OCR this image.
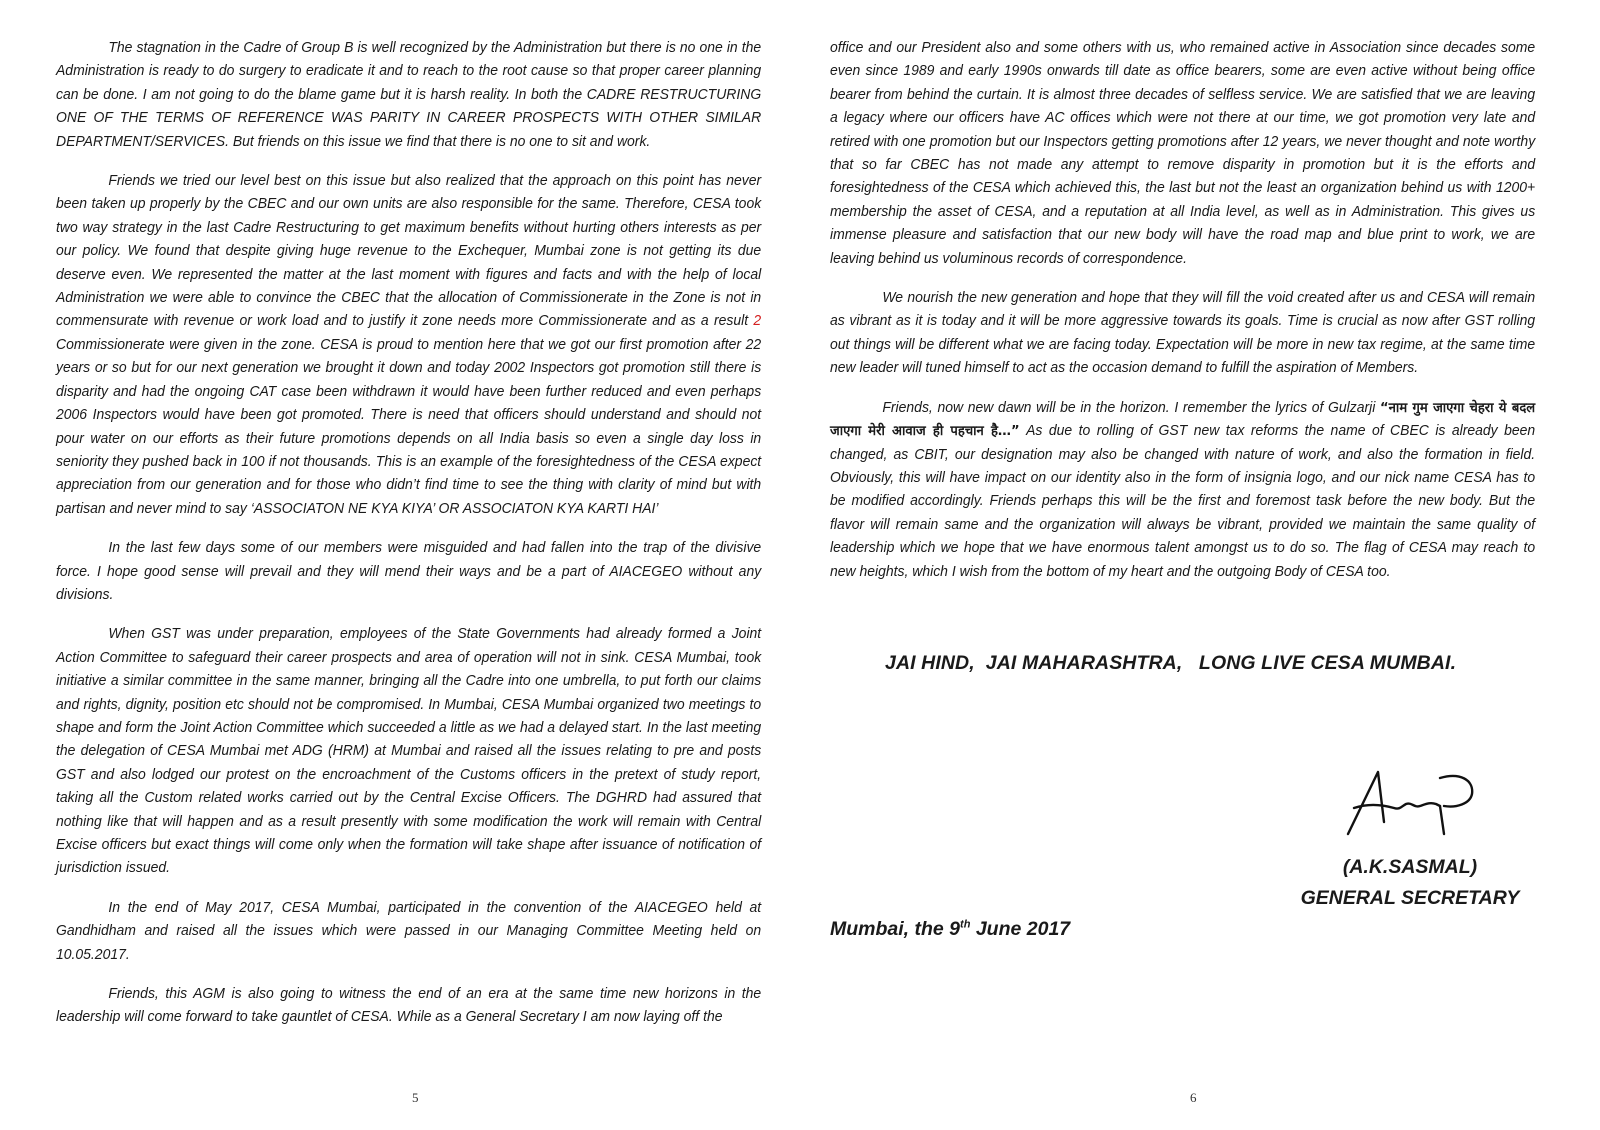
The stagnation in the Cadre of Group B is well recognized by the Administration but there is no one in the Administration is ready to do surgery to eradicate it and to reach to the root cause so that proper career planning can be done. I am not going to do the blame game but it is harsh reality. In both the CADRE RESTRUCTURING ONE OF THE TERMS OF REFERENCE WAS PARITY IN CAREER PROSPECTS WITH OTHER SIMILAR DEPARTMENT/SERVICES. But friends on this issue we find that there is no one to sit and work.

Friends we tried our level best on this issue but also realized that the approach on this point has never been taken up properly by the CBEC and our own units are also responsible for the same. Therefore, CESA took two way strategy in the last Cadre Restructuring to get maximum benefits without hurting others interests as per our policy. We found that despite giving huge revenue to the Exchequer, Mumbai zone is not getting its due deserve even. We represented the matter at the last moment with figures and facts and with the help of local Administration we were able to convince the CBEC that the allocation of Commissionerate in the Zone is not in commensurate with revenue or work load and to justify it zone needs more Commissionerate and as a result 2 Commissionerate were given in the zone. CESA is proud to mention here that we got our first promotion after 22 years or so but for our next generation we brought it down and today 2002 Inspectors got promotion still there is disparity and had the ongoing CAT case been withdrawn it would have been further reduced and even perhaps 2006 Inspectors would have been got promoted. There is need that officers should understand and should not pour water on our efforts as their future promotions depends on all India basis so even a single day loss in seniority they pushed back in 100 if not thousands. This is an example of the foresightedness of the CESA expect appreciation from our generation and for those who didn’t find time to see the thing with clarity of mind but with partisan and never mind to say ‘ASSOCIATON NE KYA KIYA’ OR ASSOCIATON KYA KARTI HAI’

In the last few days some of our members were misguided and had fallen into the trap of the divisive force. I hope good sense will prevail and they will mend their ways and be a part of AIACEGEO without any divisions.

When GST was under preparation, employees of the State Governments had already formed a Joint Action Committee to safeguard their career prospects and area of operation will not in sink. CESA Mumbai, took initiative a similar committee in the same manner, bringing all the Cadre into one umbrella, to put forth our claims and rights, dignity, position etc should not be compromised. In Mumbai, CESA Mumbai organized two meetings to shape and form the Joint Action Committee which succeeded a little as we had a delayed start. In the last meeting the delegation of CESA Mumbai met ADG (HRM) at Mumbai and raised all the issues relating to pre and posts GST and also lodged our protest on the encroachment of the Customs officers in the pretext of study report, taking all the Custom related works carried out by the Central Excise Officers. The DGHRD had assured that nothing like that will happen and as a result presently with some modification the work will remain with Central Excise officers but exact things will come only when the formation will take shape after issuance of notification of jurisdiction issued.

In the end of May 2017, CESA Mumbai, participated in the convention of the AIACEGEO held at Gandhidham and raised all the issues which were passed in our Managing Committee Meeting held on 10.05.2017.

Friends, this AGM is also going to witness the end of an era at the same time new horizons in the leadership will come forward to take gauntlet of CESA. While as a General Secretary I am now laying off the

5

office and our President also and some others with us, who remained active in Association since decades some even since 1989 and early 1990s onwards till date as office bearers, some are even active without being office bearer from behind the curtain. It is almost three decades of selfless service. We are satisfied that we are leaving a legacy where our officers have AC offices which were not there at our time, we got promotion very late and retired with one promotion but our Inspectors getting promotions after 12 years, we never thought and note worthy that so far CBEC has not made any attempt to remove disparity in promotion but it is the efforts and foresightedness of the CESA which achieved this, the last but not the least an organization behind us with 1200+ membership the asset of CESA, and a reputation at all India level, as well as in Administration. This gives us immense pleasure and satisfaction that our new body will have the road map and blue print to work, we are leaving behind us voluminous records of correspondence.

We nourish the new generation and hope that they will fill the void created after us and CESA will remain as vibrant as it is today and it will be more aggressive towards its goals. Time is crucial as now after GST rolling out things will be different what we are facing today. Expectation will be more in new tax regime, at the same time new leader will tuned himself to act as the occasion demand to fulfill the aspiration of Members.

Friends, now new dawn will be in the horizon. I remember the lyrics of Gulzarji “नाम गुम जाएगा चेहरा ये बदल जाएगा मेरी आवाज ही पहचान है…” As due to rolling of GST new tax reforms the name of CBEC is already been changed, as CBIT, our designation may also be changed with nature of work, and also the formation in field. Obviously, this will have impact on our identity also in the form of insignia logo, and our nick name CESA has to be modified accordingly. Friends perhaps this will be the first and foremost task before the new body. But the flavor will remain same and the organization will always be vibrant, provided we maintain the same quality of leadership which we hope that we have enormous talent amongst us to do so. The flag of CESA may reach to new heights, which I wish from the bottom of my heart and the outgoing Body of CESA too.

JAI HIND,  JAI MAHARASHTRA,   LONG LIVE CESA MUMBAI.
(A.K.SASMAL)
GENERAL SECRETARY
Mumbai, the 9th June 2017
6
